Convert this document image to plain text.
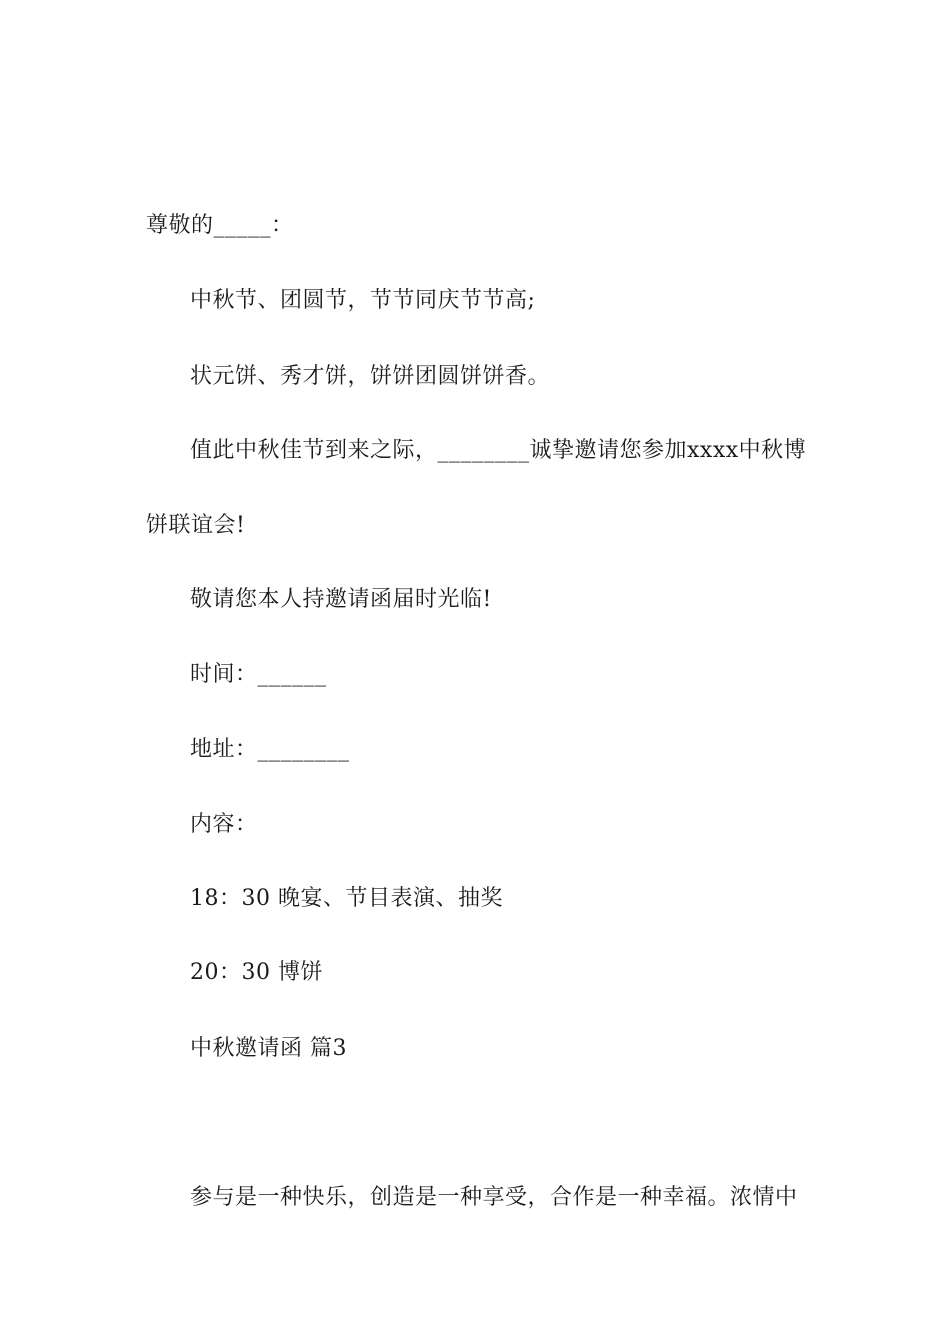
尊敬的_____：
中秋节、团圆节，节节同庆节节高;
状元饼、秀才饼，饼饼团圆饼饼香。
值此中秋佳节到来之际，________诚挚邀请您参加xxxx中秋博
饼联谊会!
敬请您本人持邀请函届时光临!
时间：______
地址：________
内容：
18：30 晚宴、节目表演、抽奖
20：30 博饼
中秋邀请函 篇3
参与是一种快乐，创造是一种享受，合作是一种幸福。浓情中
